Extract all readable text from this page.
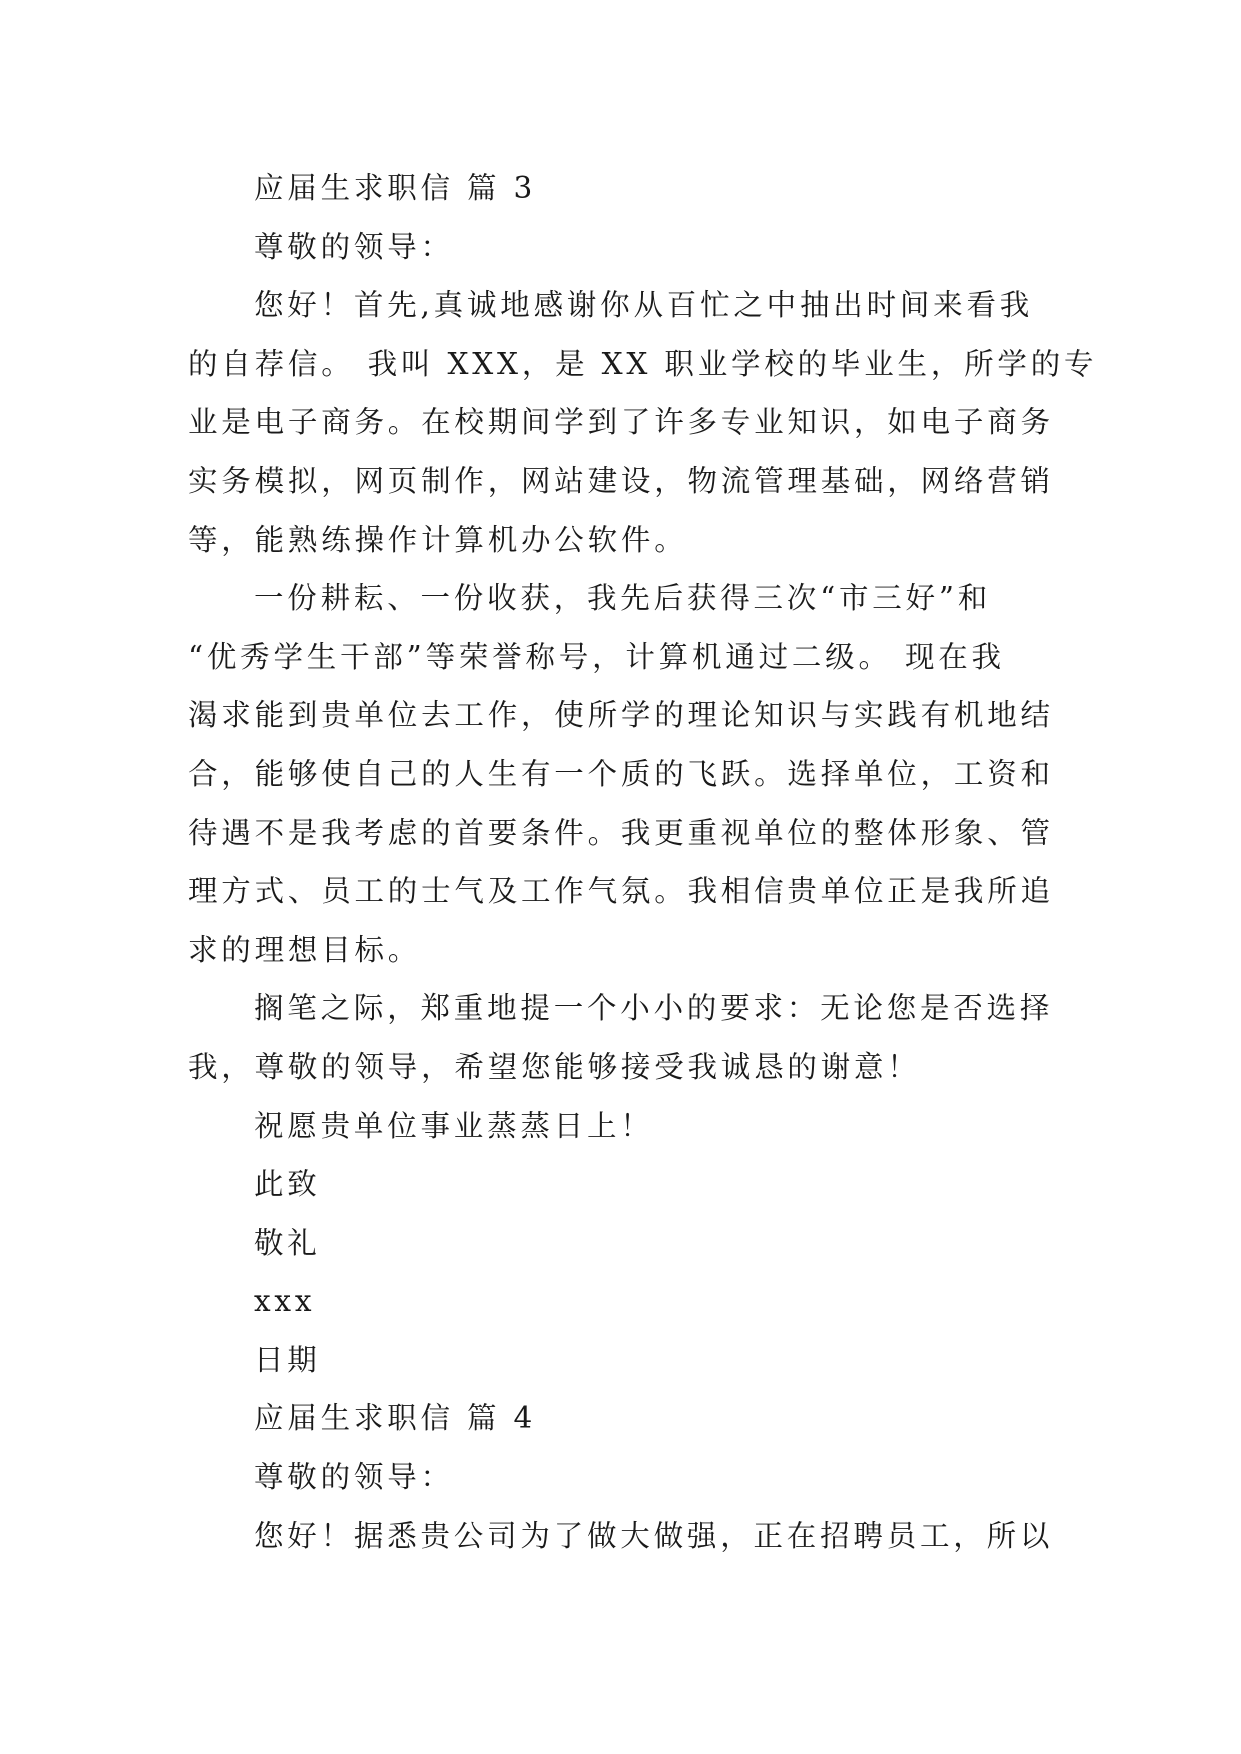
应届生求职信 篇 3

尊敬的领导：

您好！首先,真诚地感谢你从百忙之中抽出时间来看我

的自荐信。 我叫 XXX，是 XX 职业学校的毕业生，所学的专

业是电子商务。在校期间学到了许多专业知识，如电子商务

实务模拟，网页制作，网站建设，物流管理基础，网络营销

等，能熟练操作计算机办公软件。

一份耕耘、一份收获，我先后获得三次“市三好”和

“优秀学生干部”等荣誉称号，计算机通过二级。 现在我

渴求能到贵单位去工作，使所学的理论知识与实践有机地结

合，能够使自己的人生有一个质的飞跃。选择单位，工资和

待遇不是我考虑的首要条件。我更重视单位的整体形象、管

理方式、员工的士气及工作气氛。我相信贵单位正是我所追

求的理想目标。

搁笔之际，郑重地提一个小小的要求：无论您是否选择

我，尊敬的领导，希望您能够接受我诚恳的谢意！

祝愿贵单位事业蒸蒸日上！

此致

敬礼

xxx

日期

应届生求职信 篇 4

尊敬的领导：

您好！据悉贵公司为了做大做强，正在招聘员工，所以
